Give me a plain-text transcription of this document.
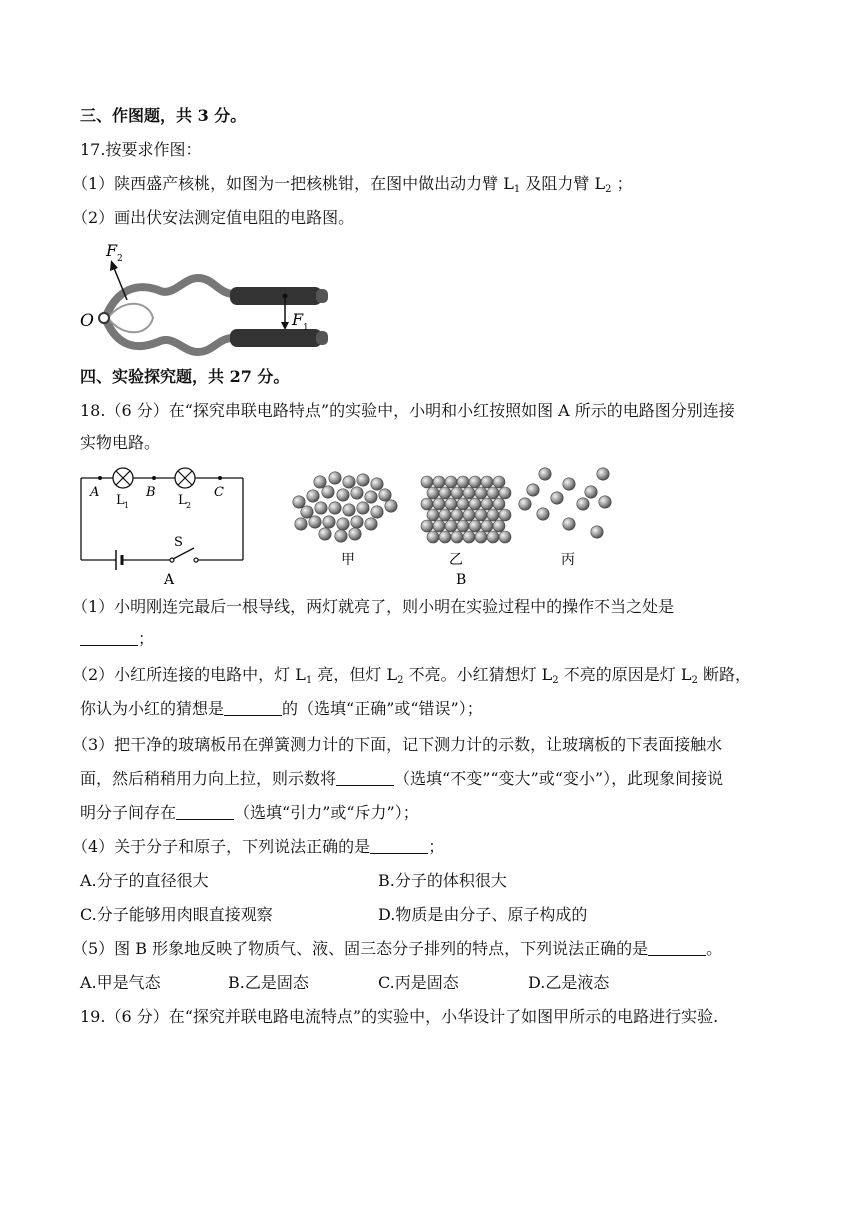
三、作图题，共 3 分。
17.按要求作图：
（1）陕西盛产核桃，如图为一把核桃钳，在图中做出动力臂 $L_1$ 及阻力臂 $L_2$ ；
（2）画出伏安法测定值电阻的电路图。
O
F 2
F 1
四、实验探究题，共 27 分。
18.（6 分）在“探究串联电路特点”的实验中，小明和小红按照如图 A 所示的电路图分别连接
实物电路。
S
A	B	C
L 1	L 2
A
甲	乙	丙
B
（1）小明刚连完最后一根导线，两灯就亮了，则小明在实验过程中的操作不当之处是
；
（2）小红所连接的电路中，灯 $L_1$ 亮，但灯 $L_2$ 不亮。小红猜想灯 $L_2$ 不亮的原因是灯 $L_2$ 断路，
你认为小红的猜想是	的（选填“正确”或“错误”）；
（3）把干净的玻璃板吊在弹簧测力计的下面，记下测力计的示数，让玻璃板的下表面接触水
面，然后稍稍用力向上拉，则示数将	（选填“不变”“变大”或“变小”），此现象间接说
明分子间存在	（选填“引力”或“斥力”）；
（4）关于分子和原子，下列说法正确的是	；
A.分子的直径很大	B.分子的体积很大
C.分子能够用肉眼直接观察	D.物质是由分子、原子构成的
（5）图 B 形象地反映了物质气、液、固三态分子排列的特点，下列说法正确的是	。
A.甲是气态	B.乙是固态	C.丙是固态	D.乙是液态
19.（6 分）在“探究并联电路电流特点”的实验中，小华设计了如图甲所示的电路进行实验.
